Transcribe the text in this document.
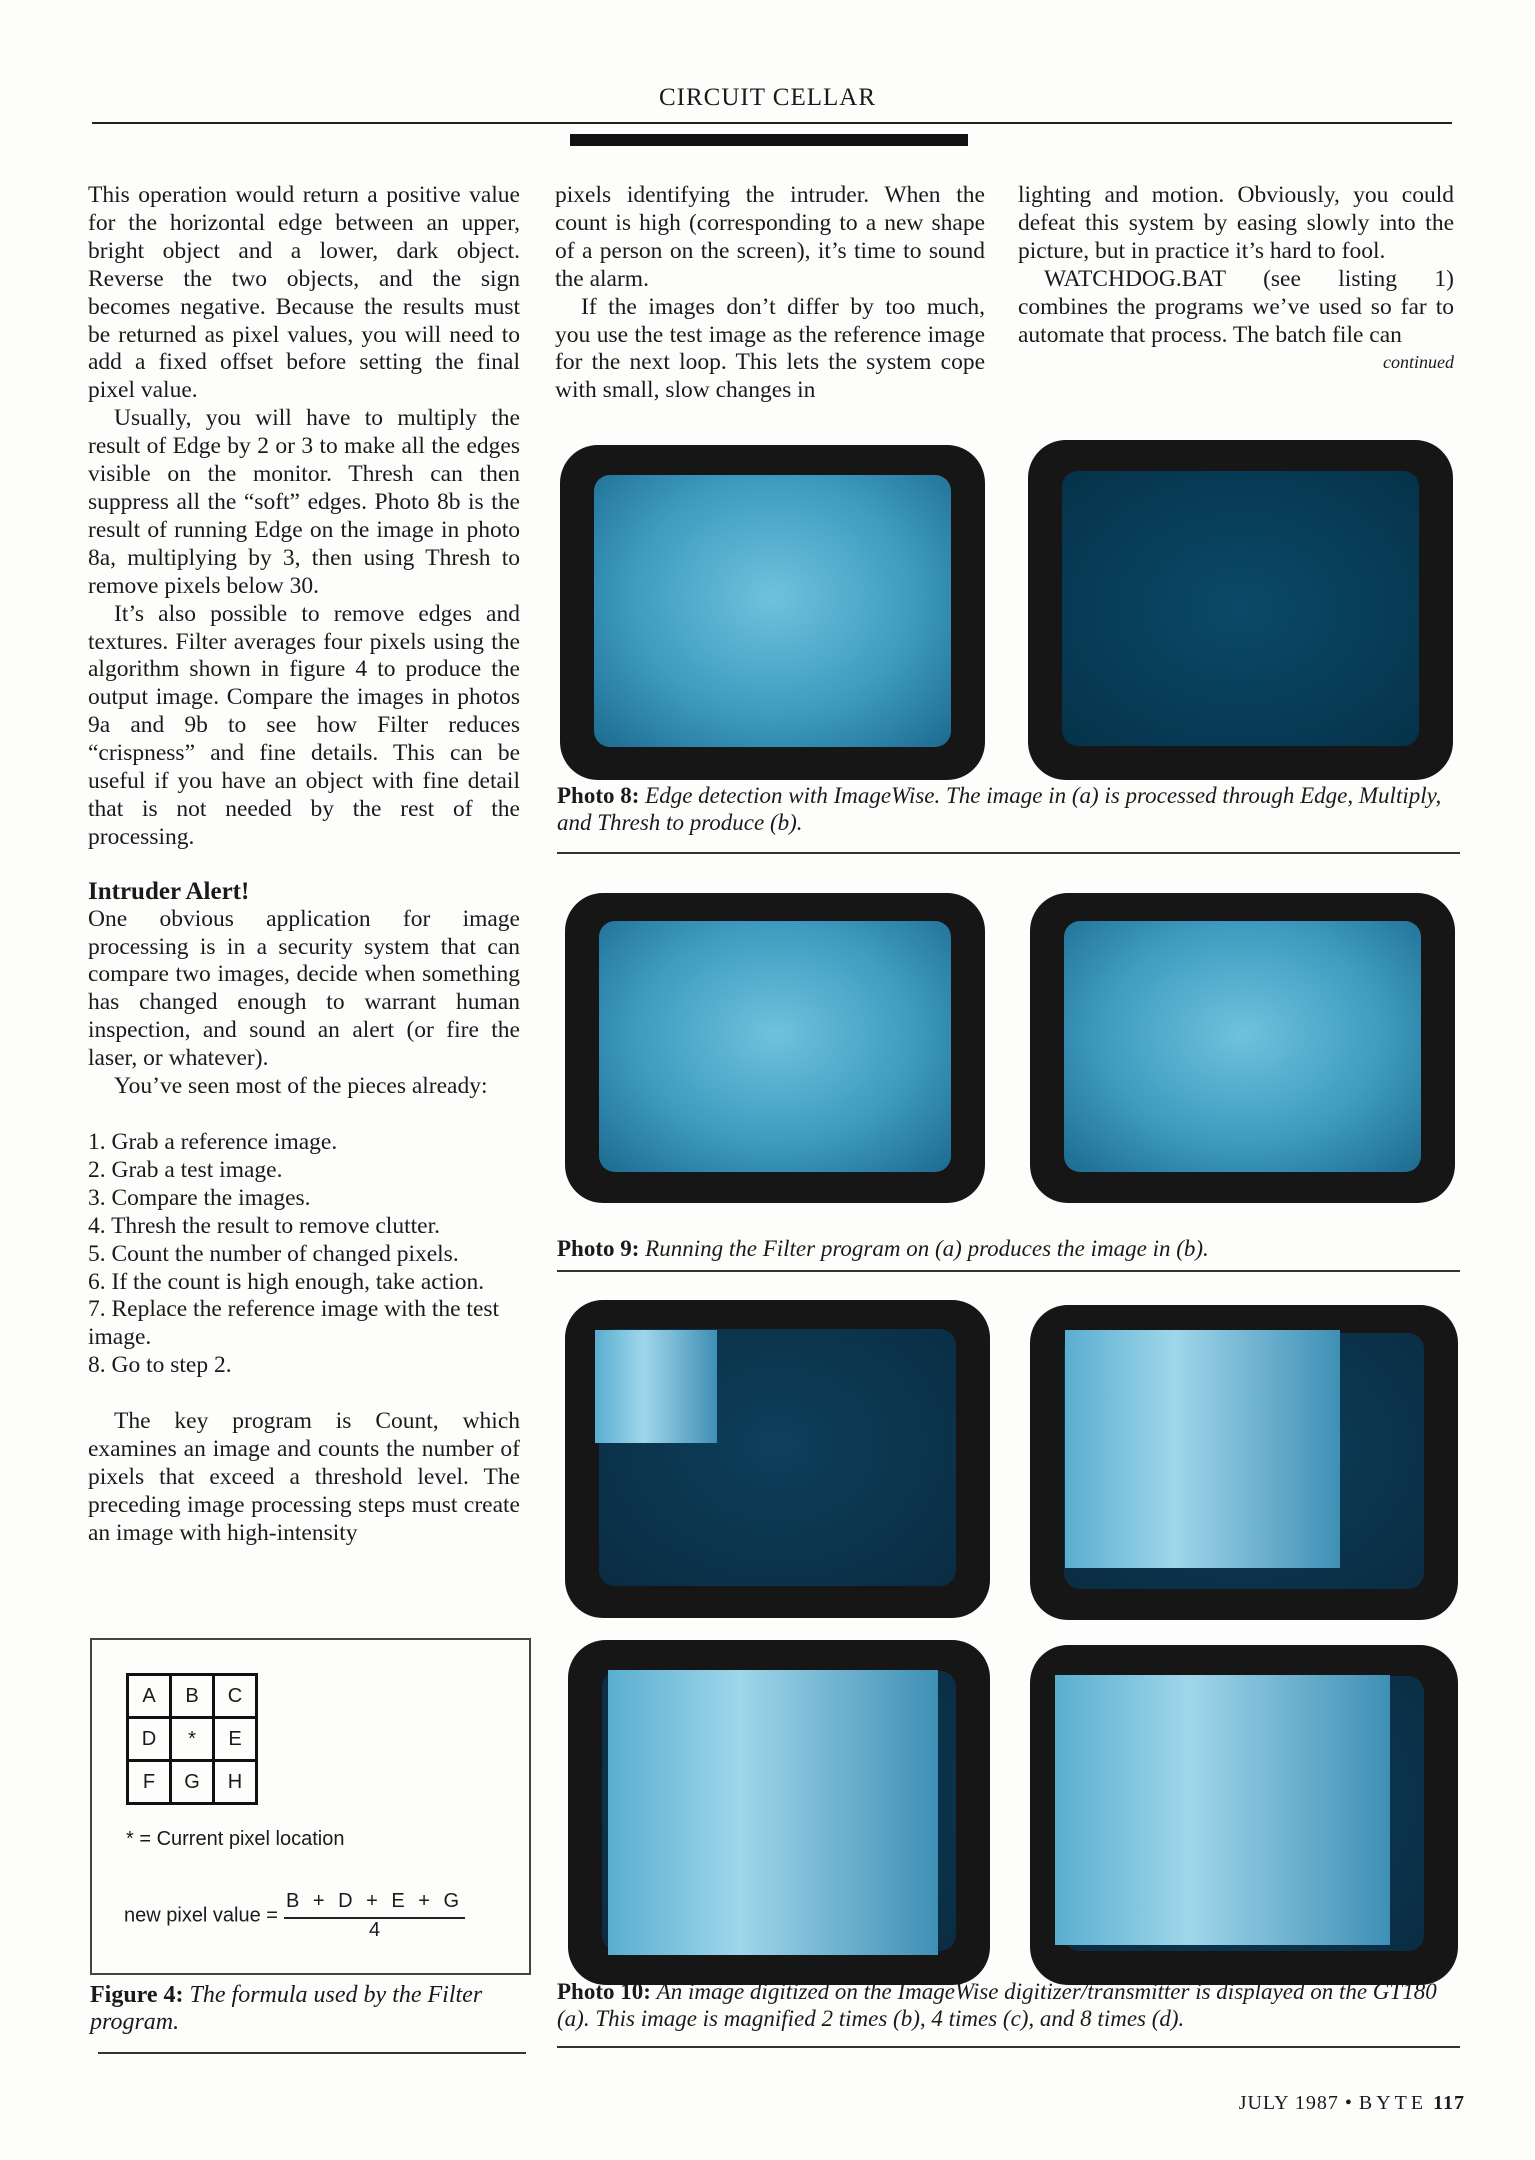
CIRCUIT CELLAR

This operation would return a positive value for the horizontal edge between an upper, bright object and a lower, dark object. Reverse the two objects, and the sign becomes negative. Because the results must be returned as pixel values, you will need to add a fixed offset before setting the final pixel value.

Usually, you will have to multiply the result of Edge by 2 or 3 to make all the edges visible on the monitor. Thresh can then suppress all the “soft” edges. Photo 8b is the result of running Edge on the image in photo 8a, multiplying by 3, then using Thresh to remove pixels below 30.

It’s also possible to remove edges and textures. Filter averages four pixels using the algorithm shown in figure 4 to produce the output image. Compare the images in photos 9a and 9b to see how Filter reduces “crispness” and fine details. This can be useful if you have an object with fine detail that is not needed by the rest of the processing.

Intruder Alert!

One obvious application for image processing is in a security system that can compare two images, decide when something has changed enough to warrant human inspection, and sound an alert (or fire the laser, or whatever).

You’ve seen most of the pieces already:

1. Grab a reference image.
2. Grab a test image.
3. Compare the images.
4. Thresh the result to remove clutter.
5. Count the number of changed pixels.
6. If the count is high enough, take action.
7. Replace the reference image with the test image.
8. Go to step 2.

The key program is Count, which examines an image and counts the number of pixels that exceed a threshold level. The preceding image processing steps must create an image with high-intensity

pixels identifying the intruder. When the count is high (corresponding to a new shape of a person on the screen), it’s time to sound the alarm.

If the images don’t differ by too much, you use the test image as the reference image for the next loop. This lets the system cope with small, slow changes in

lighting and motion. Obviously, you could defeat this system by easing slowly into the picture, but in practice it’s hard to fool.

WATCHDOG.BAT (see listing 1) combines the programs we’ve used so far to automate that process. The batch file can

continued

Photo 8: Edge detection with ImageWise. The image in (a) is processed through Edge, Multiply, and Thresh to produce (b).
Photo 9: Running the Filter program on (a) produces the image in (b).
Photo 10: An image digitized on the ImageWise digitizer/transmitter is displayed on the GT180 (a). This image is magnified 2 times (b), 4 times (c), and 8 times (d).
A	B	C
D	*	E
F	G	H
* = Current pixel location
new pixel value = $\frac{B + D + E + G}{4}$
Figure 4: The formula used by the Filter program.
JULY 1987 • BYTE 117
